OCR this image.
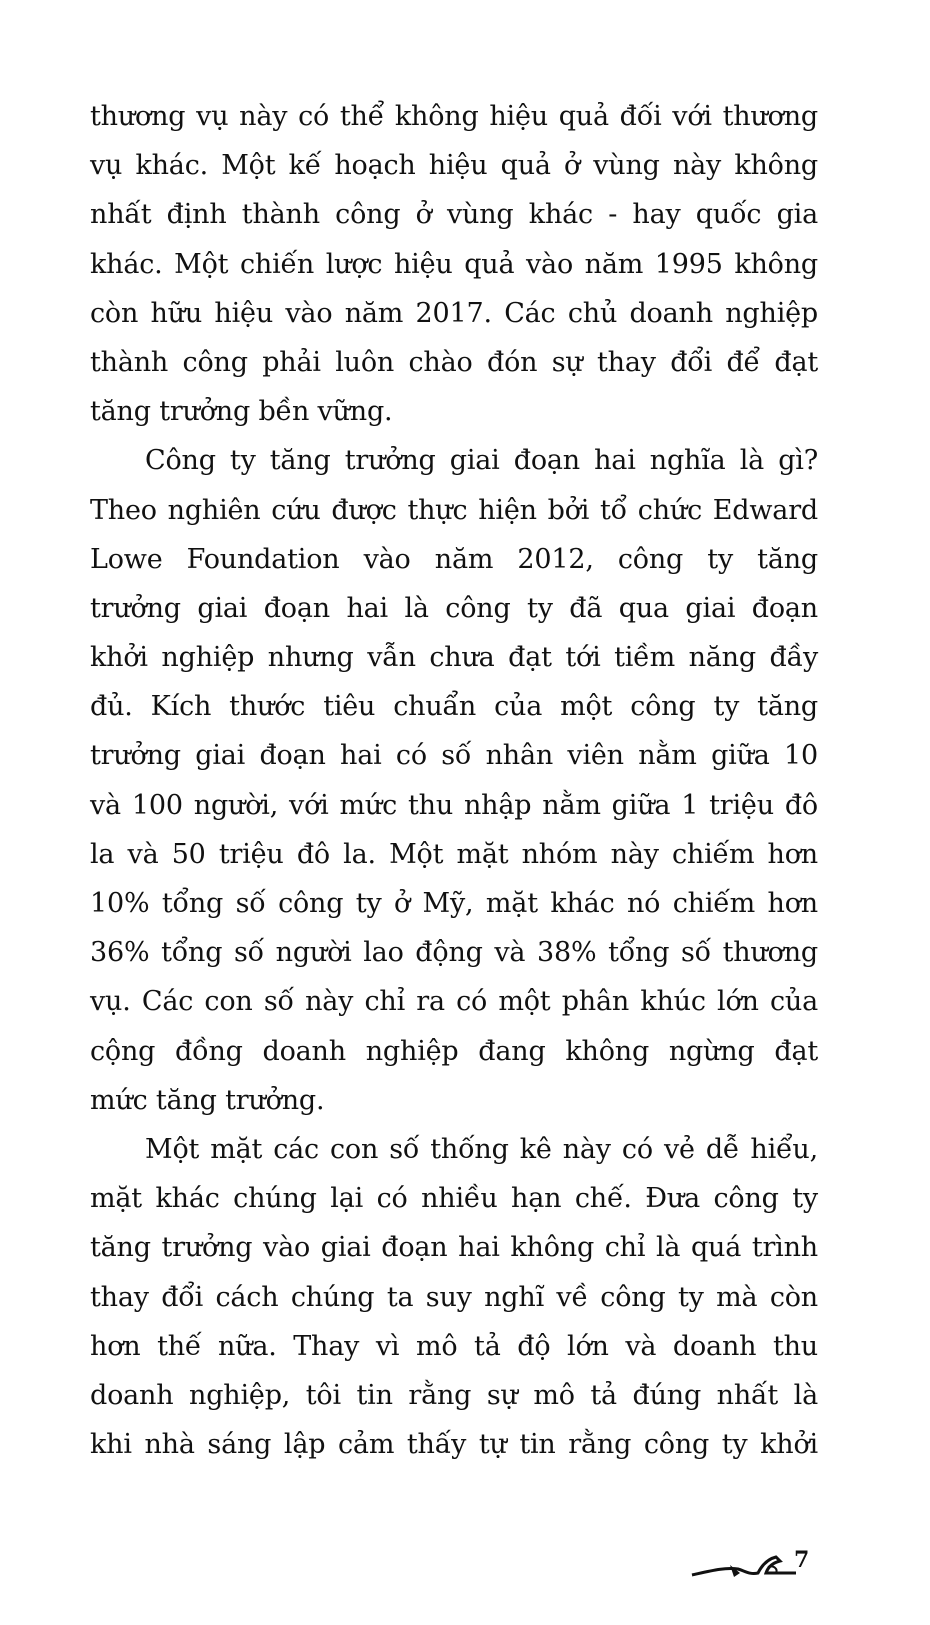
thương vụ này có thể không hiệu quả đối với thương
vụ khác. Một kế hoạch hiệu quả ở vùng này không
nhất định thành công ở vùng khác - hay quốc gia
khác. Một chiến lược hiệu quả vào năm 1995 không
còn hữu hiệu vào năm 2017. Các chủ doanh nghiệp
thành công phải luôn chào đón sự thay đổi để đạt
tăng trưởng bền vững.
Công ty tăng trưởng giai đoạn hai nghĩa là gì?
Theo nghiên cứu được thực hiện bởi tổ chức Edward
Lowe Foundation vào năm 2012, công ty tăng
trưởng giai đoạn hai là công ty đã qua giai đoạn
khởi nghiệp nhưng vẫn chưa đạt tới tiềm năng đầy
đủ. Kích thước tiêu chuẩn của một công ty tăng
trưởng giai đoạn hai có số nhân viên nằm giữa 10
và 100 người, với mức thu nhập nằm giữa 1 triệu đô
la và 50 triệu đô la. Một mặt nhóm này chiếm hơn
10% tổng số công ty ở Mỹ, mặt khác nó chiếm hơn
36% tổng số người lao động và 38% tổng số thương
vụ. Các con số này chỉ ra có một phân khúc lớn của
cộng đồng doanh nghiệp đang không ngừng đạt
mức tăng trưởng.
Một mặt các con số thống kê này có vẻ dễ hiểu,
mặt khác chúng lại có nhiều hạn chế. Đưa công ty
tăng trưởng vào giai đoạn hai không chỉ là quá trình
thay đổi cách chúng ta suy nghĩ về công ty mà còn
hơn thế nữa. Thay vì mô tả độ lớn và doanh thu
doanh nghiệp, tôi tin rằng sự mô tả đúng nhất là
khi nhà sáng lập cảm thấy tự tin rằng công ty khởi
7
